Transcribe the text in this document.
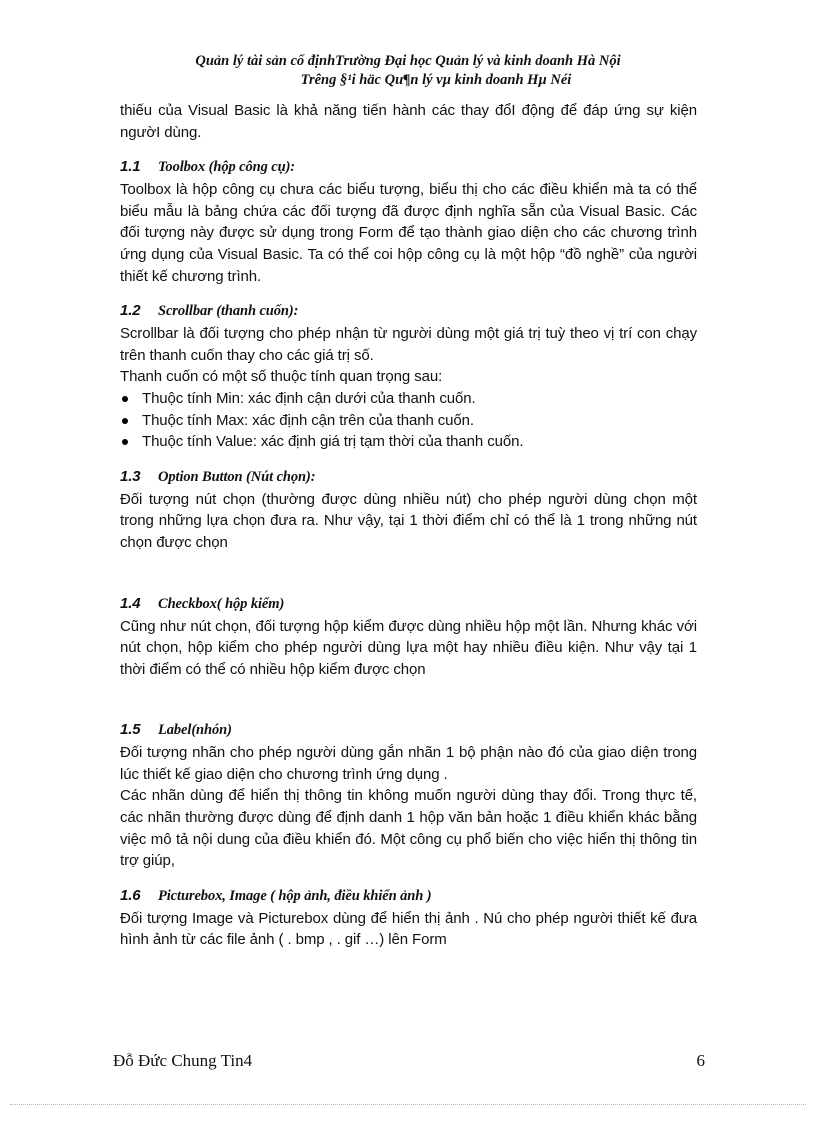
Quản lý tài sản cố địnhTrường Đại học Quản lý và kinh doanh Hà Nội
Trêng §¹i häc Qu¶n lý vµ kinh doanh Hµ Néi

thiếu của Visual Basic là khả năng tiến hành các thay đổI động để đáp ứng sự kiện ngườI dùng.

1.1	Toolbox (hộp công cụ):

Toolbox là hộp công cụ chưa các biểu tượng, biểu thị cho các điều khiển mà ta có thể biểu mẫu là bảng chứa các đối tượng đã được định nghĩa sẵn của Visual Basic. Các đối tượng này được sử dụng trong Form để tạo thành giao diện cho các chương trình ứng dụng của Visual Basic. Ta có thể coi hộp công cụ là một hộp “đồ nghề” của người thiết kế chương trình.

1.2	Scrollbar (thanh cuốn):

Scrollbar là đối tượng cho phép nhận từ người dùng một giá trị tuỳ theo vị trí con chạy trên thanh cuốn thay cho các giá trị số.

Thanh cuốn có một số thuộc tính quan trọng sau:

Thuộc tính Min: xác định cận dưới của thanh cuốn.
Thuộc tính Max: xác định cận trên của thanh cuốn.
Thuộc tính Value: xác định giá trị tạm thời của thanh cuốn.
1.3	Option Button (Nút chọn):

Đối tượng nút chọn (thường được dùng nhiều nút) cho phép người dùng chọn một trong những lựa chọn đưa ra. Như vậy, tại 1 thời điểm chỉ có thể là 1 trong những nút chọn được chọn

1.4	Checkbox( hộp kiểm)

Cũng như nút chọn, đối tượng hộp kiểm được dùng nhiều hộp một lần. Nhưng khác với nút chọn, hộp kiểm cho phép người dùng lựa một hay nhiều điều kiện. Như vậy tại 1 thời điểm có thể có nhiều hộp kiểm được chọn

1.5	Label(nhón)

Đối tượng nhãn cho phép người dùng gắn nhãn 1 bộ phận nào đó của giao diện trong lúc thiết kế giao diện cho chương trình ứng dụng .

Các nhãn dùng để hiển thị thông tin không muốn người dùng thay đổi. Trong thực tế, các nhãn thường được dùng để định danh 1 hộp văn bản hoặc 1 điều khiển khác bằng việc mô tả nội dung của điều khiển đó. Một công cụ phổ biến cho việc hiển thị thông tin trợ giúp,

1.6	Picturebox, Image ( hộp ảnh, điều khiển ảnh )

Đối tượng Image và Picturebox dùng để hiển thị ảnh . Nú cho phép người thiết kế đưa hình ảnh từ các file ảnh ( . bmp , . gif …) lên Form

Đỗ Đức Chung Tin4	6
